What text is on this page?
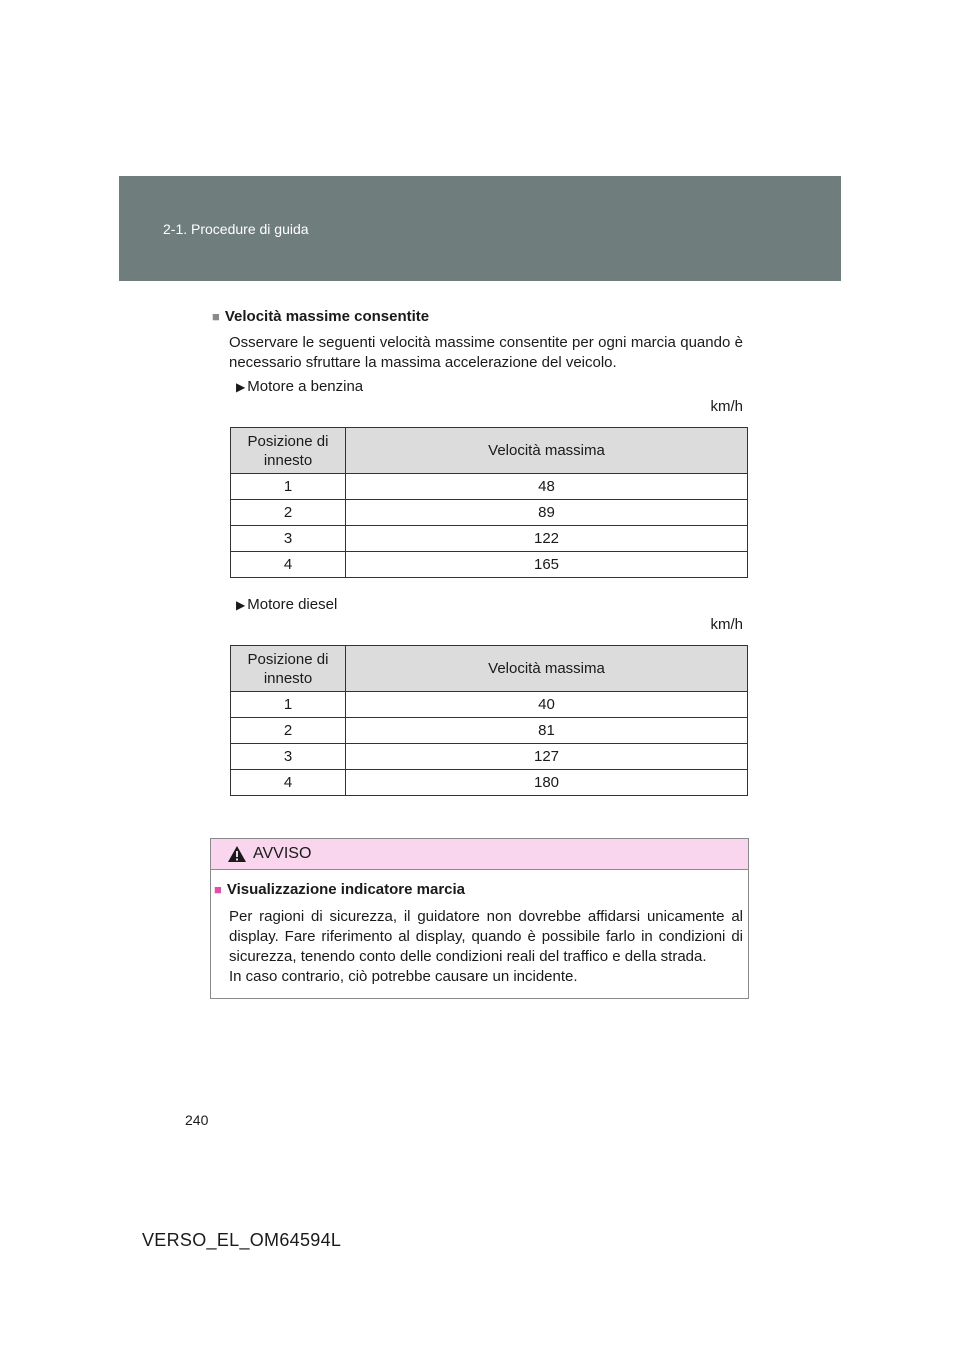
2-1. Procedure di guida
■ Velocità massime consentite
Osservare le seguenti velocità massime consentite per ogni marcia quando è necessario sfruttare la massima accelerazione del veicolo.
▶ Motore a benzina
km/h
Posizione di innesto	Velocità massima
1	48
2	89
3	122
4	165
▶ Motore diesel
km/h
Posizione di innesto	Velocità massima
1	40
2	81
3	127
4	180
AVVISO
■ Visualizzazione indicatore marcia
Per ragioni di sicurezza, il guidatore non dovrebbe affidarsi unicamente al display. Fare riferimento al display, quando è possibile farlo in condizioni di sicurezza, tenendo conto delle condizioni reali del traffico e della strada.
In caso contrario, ciò potrebbe causare un incidente.
240
VERSO_EL_OM64594L
